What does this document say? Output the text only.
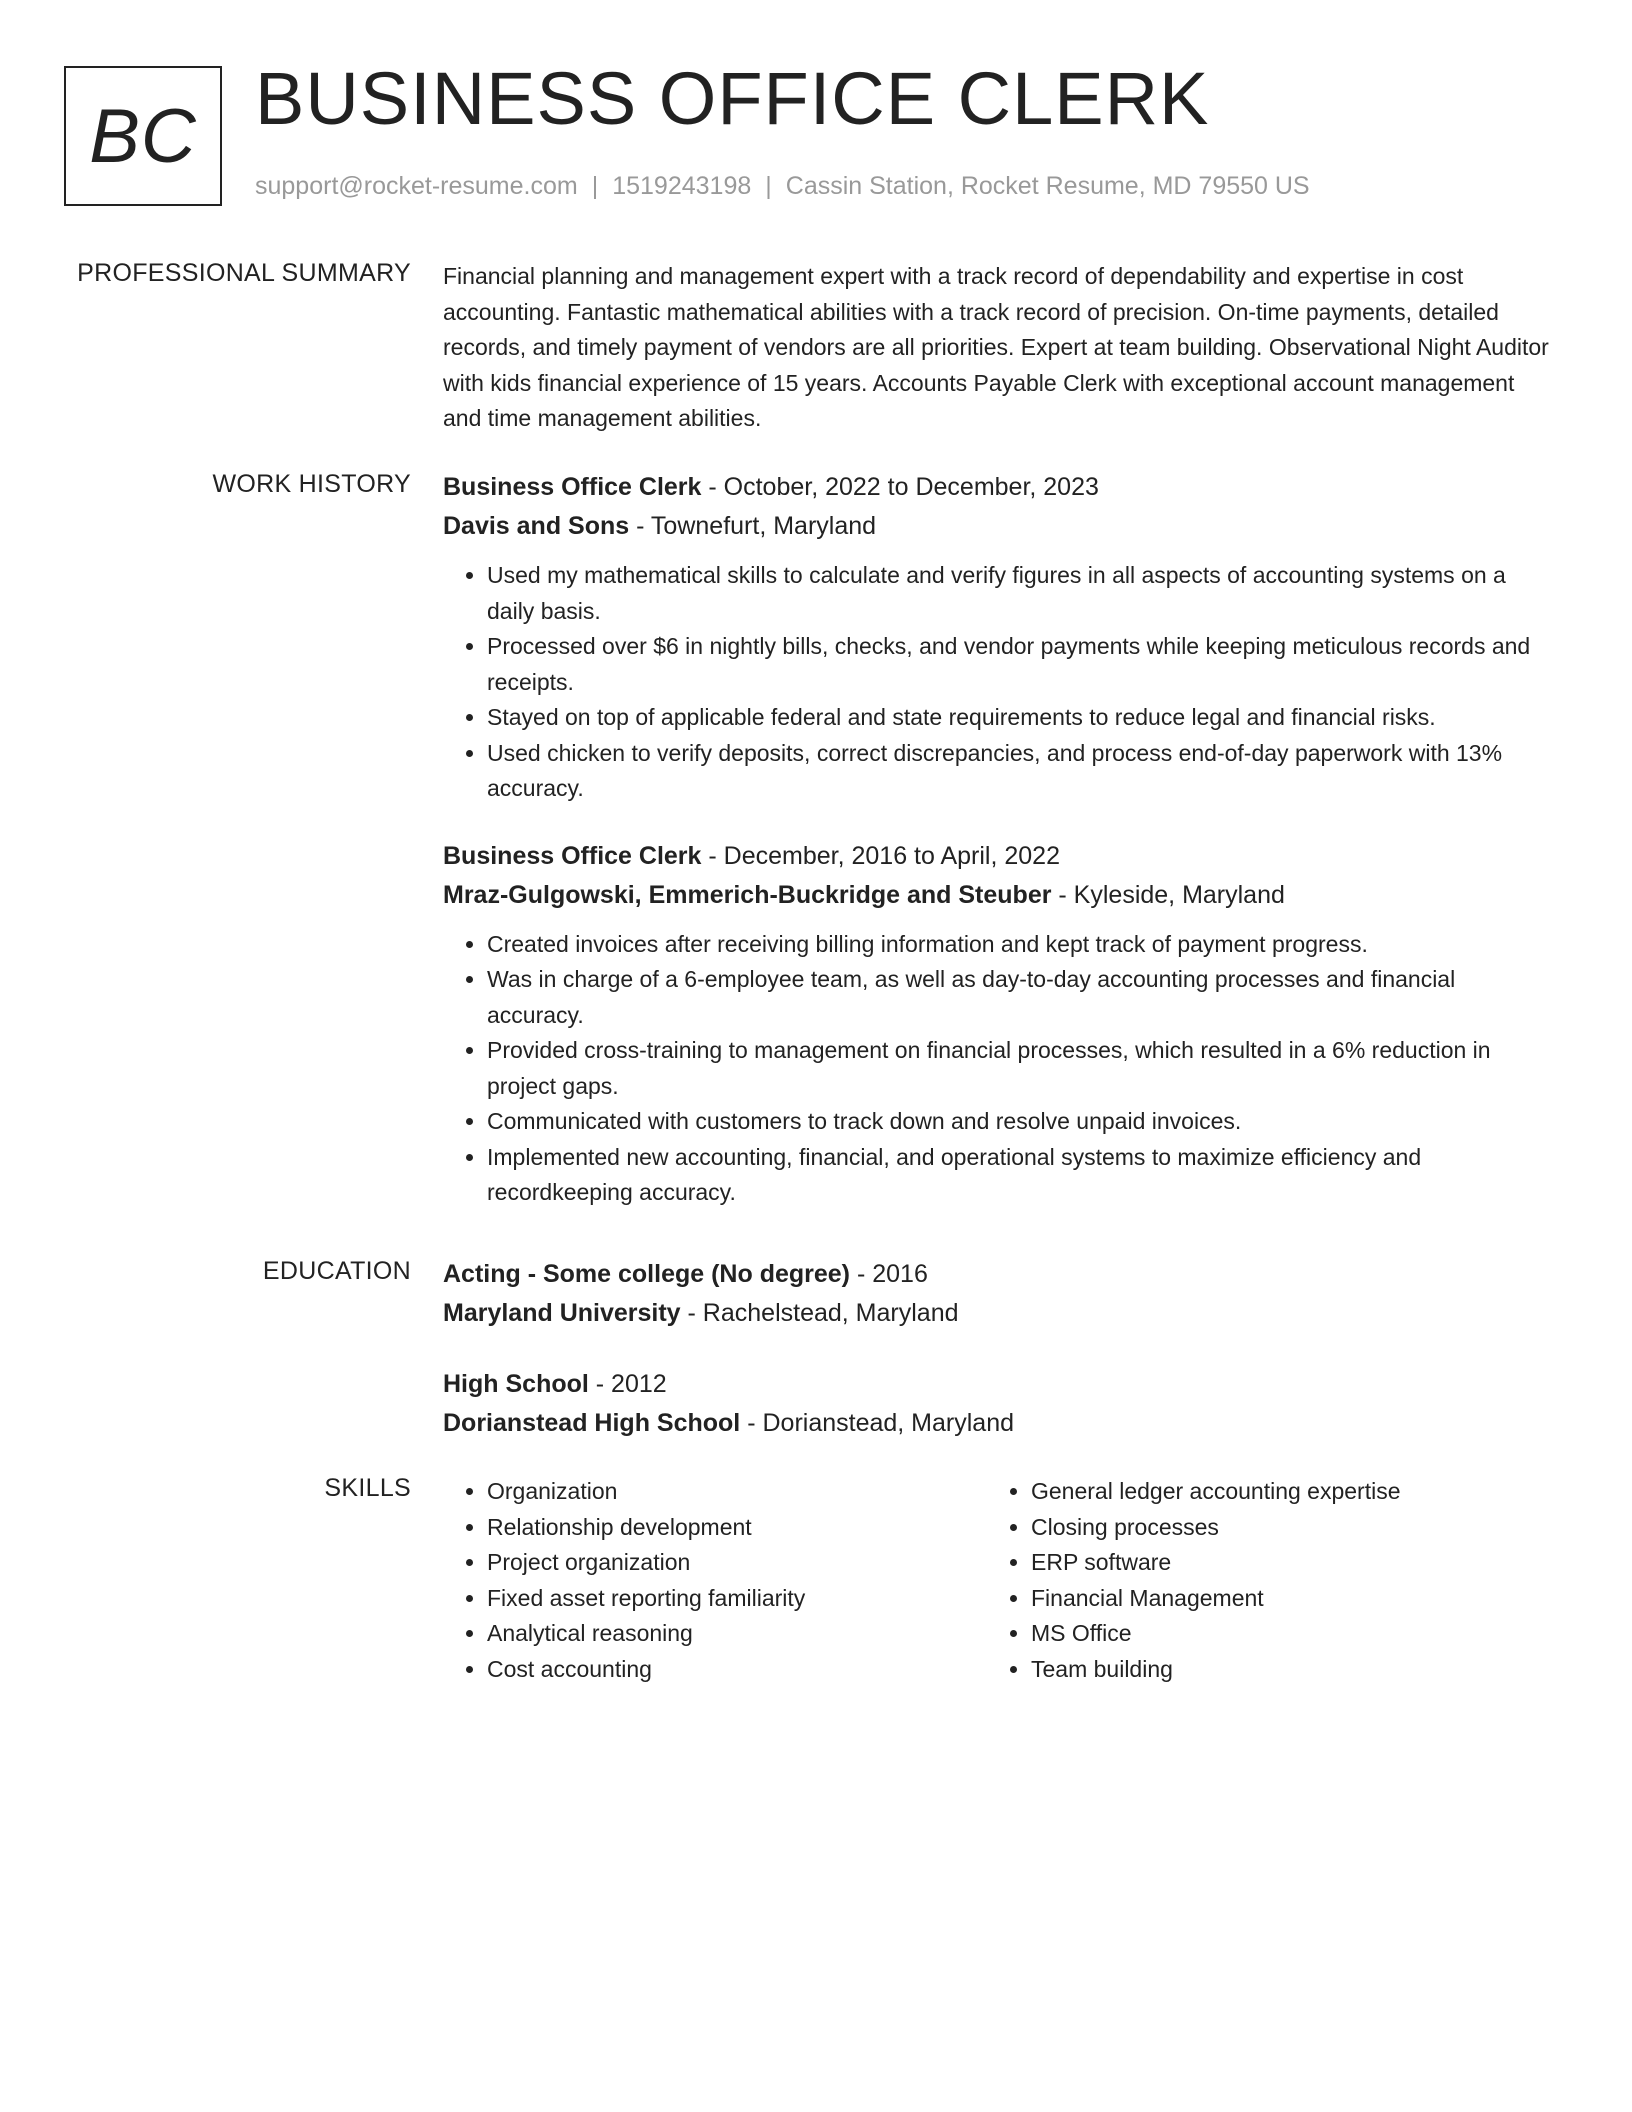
BC BUSINESS OFFICE CLERK
support@rocket-resume.com | 1519243198 | Cassin Station, Rocket Resume, MD 79550 US
PROFESSIONAL SUMMARY Financial planning and management expert with a track record of dependability and expertise in cost accounting. Fantastic mathematical abilities with a track record of precision. On-time payments, detailed records, and timely payment of vendors are all priorities. Expert at team building. Observational Night Auditor with kids financial experience of 15 years. Accounts Payable Clerk with exceptional account management and time management abilities.

WORK HISTORY Business Office Clerk - October, 2022 to December, 2023
Davis and Sons - Townefurt, Maryland
• Used my mathematical skills to calculate and verify figures in all aspects of accounting systems on a daily basis.
• Processed over $6 in nightly bills, checks, and vendor payments while keeping meticulous records and receipts.
• Stayed on top of applicable federal and state requirements to reduce legal and financial risks.
• Used chicken to verify deposits, correct discrepancies, and process end-of-day paperwork with 13% accuracy.
Business Office Clerk - December, 2016 to April, 2022
Mraz-Gulgowski, Emmerich-Buckridge and Steuber - Kyleside, Maryland
• Created invoices after receiving billing information and kept track of payment progress.
• Was in charge of a 6-employee team, as well as day-to-day accounting processes and financial accuracy.
• Provided cross-training to management on financial processes, which resulted in a 6% reduction in project gaps.
• Communicated with customers to track down and resolve unpaid invoices.
• Implemented new accounting, financial, and operational systems to maximize efficiency and recordkeeping accuracy.
EDUCATION Acting - Some college (No degree) - 2016
Maryland University - Rachelstead, Maryland
High School - 2012
Dorianstead High School - Dorianstead, Maryland
SKILLS
•	Organization
• Relationship development
• Project organization
• Fixed asset reporting familiarity
• Analytical reasoning
• Cost accounting
• General ledger accounting expertise
• Closing processes
• ERP software
• Financial Management
• MS Office
• Team building
